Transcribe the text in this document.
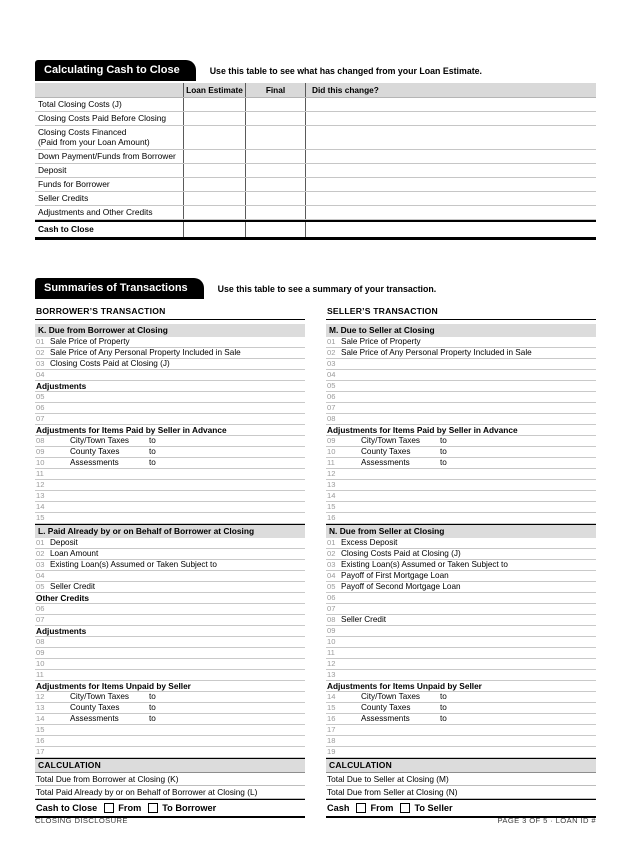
Calculating Cash to Close	Use this table to see what has changed from your Loan Estimate.
Loan Estimate	Final	Did this change?
Total Closing Costs (J)
Closing Costs Paid Before Closing
Closing Costs Financed
(Paid from your Loan Amount)
Down Payment/Funds from Borrower
Deposit
Funds for Borrower
Seller Credits
Adjustments and Other Credits
Cash to Close
Summaries of Transactions	Use this table to see a summary of your transaction.
BORROWER’S TRANSACTION
K. Due from Borrower at Closing
01 Sale Price of Property
02 Sale Price of Any Personal Property Included in Sale
03 Closing Costs Paid at Closing (J)
04
Adjustments
05
06
07
Adjustments for Items Paid by Seller in Advance
08	City/Town Taxes	to
09	County Taxes	to
10	Assessments	to
11
12
13
14
15
L. Paid Already by or on Behalf of Borrower at Closing
01 Deposit
02 Loan Amount
03 Existing Loan(s) Assumed or Taken Subject to
04
05 Seller Credit
Other Credits
06
07
Adjustments
08
09
10
11
Adjustments for Items Unpaid by Seller
12	City/Town Taxes	to
13	County Taxes	to
14	Assessments	to
15
16
17
CALCULATION
Total Due from Borrower at Closing (K)
Total Paid Already by or on Behalf of Borrower at Closing (L)
Cash to Close From To Borrower
SELLER’S TRANSACTION
M. Due to Seller at Closing
01 Sale Price of Property
02 Sale Price of Any Personal Property Included in Sale
03
04
05
06
07
08
Adjustments for Items Paid by Seller in Advance
09	City/Town Taxes	to
10	County Taxes	to
11	Assessments	to
12
13
14
15
16
N. Due from Seller at Closing
01 Excess Deposit
02 Closing Costs Paid at Closing (J)
03 Existing Loan(s) Assumed or Taken Subject to
04 Payoff of First Mortgage Loan
05 Payoff of Second Mortgage Loan
06
07
08 Seller Credit
09
10
11
12
13
Adjustments for Items Unpaid by Seller
14	City/Town Taxes	to
15	County Taxes	to
16	Assessments	to
17
18
19
CALCULATION
Total Due to Seller at Closing (M)
Total Due from Seller at Closing (N)
Cash From To Seller
CLOSING DISCLOSURE	PAGE 3 OF 5 · LOAN ID #
